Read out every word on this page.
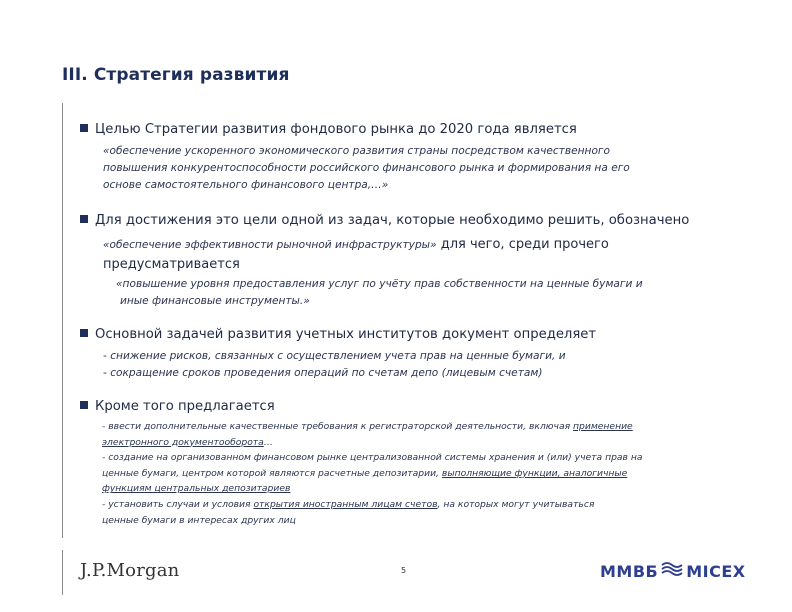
III. Стратегия развития
Целью Стратегии развития фондового рынка до 2020 года является
«обеспечение ускоренного экономического развития страны посредством качественного
повышения конкурентоспособности российского финансового рынка и формирования на его
основе самостоятельного финансового центра,…»
Для достижения это цели одной из задач, которые необходимо решить, обозначено
«обеспечение эффективности рыночной инфраструктуры» для чего, среди прочего
предусматривается
«повышение уровня предоставления услуг по учёту прав собственности на ценные бумаги и
иные финансовые инструменты.»
Основной задачей развития учетных институтов документ определяет
- снижение рисков, связанных с осуществлением учета прав на ценные бумаги, и
- сокращение сроков проведения операций по счетам депо (лицевым счетам)
Кроме того предлагается
- ввести дополнительные качественные требования к регистраторской деятельности, включая применение
электронного документооборота…
- создание на организованном финансовом рынке централизованной системы хранения и (или) учета прав на
ценные бумаги, центром которой являются расчетные депозитарии, выполняющие функции, аналогичные
функциям центральных депозитариев
- установить случаи и условия открытия иностранным лицам счетов, на которых могут учитываться
ценные бумаги в интересах других лиц
J.P.Morgan	5	ММВБ MICEX
